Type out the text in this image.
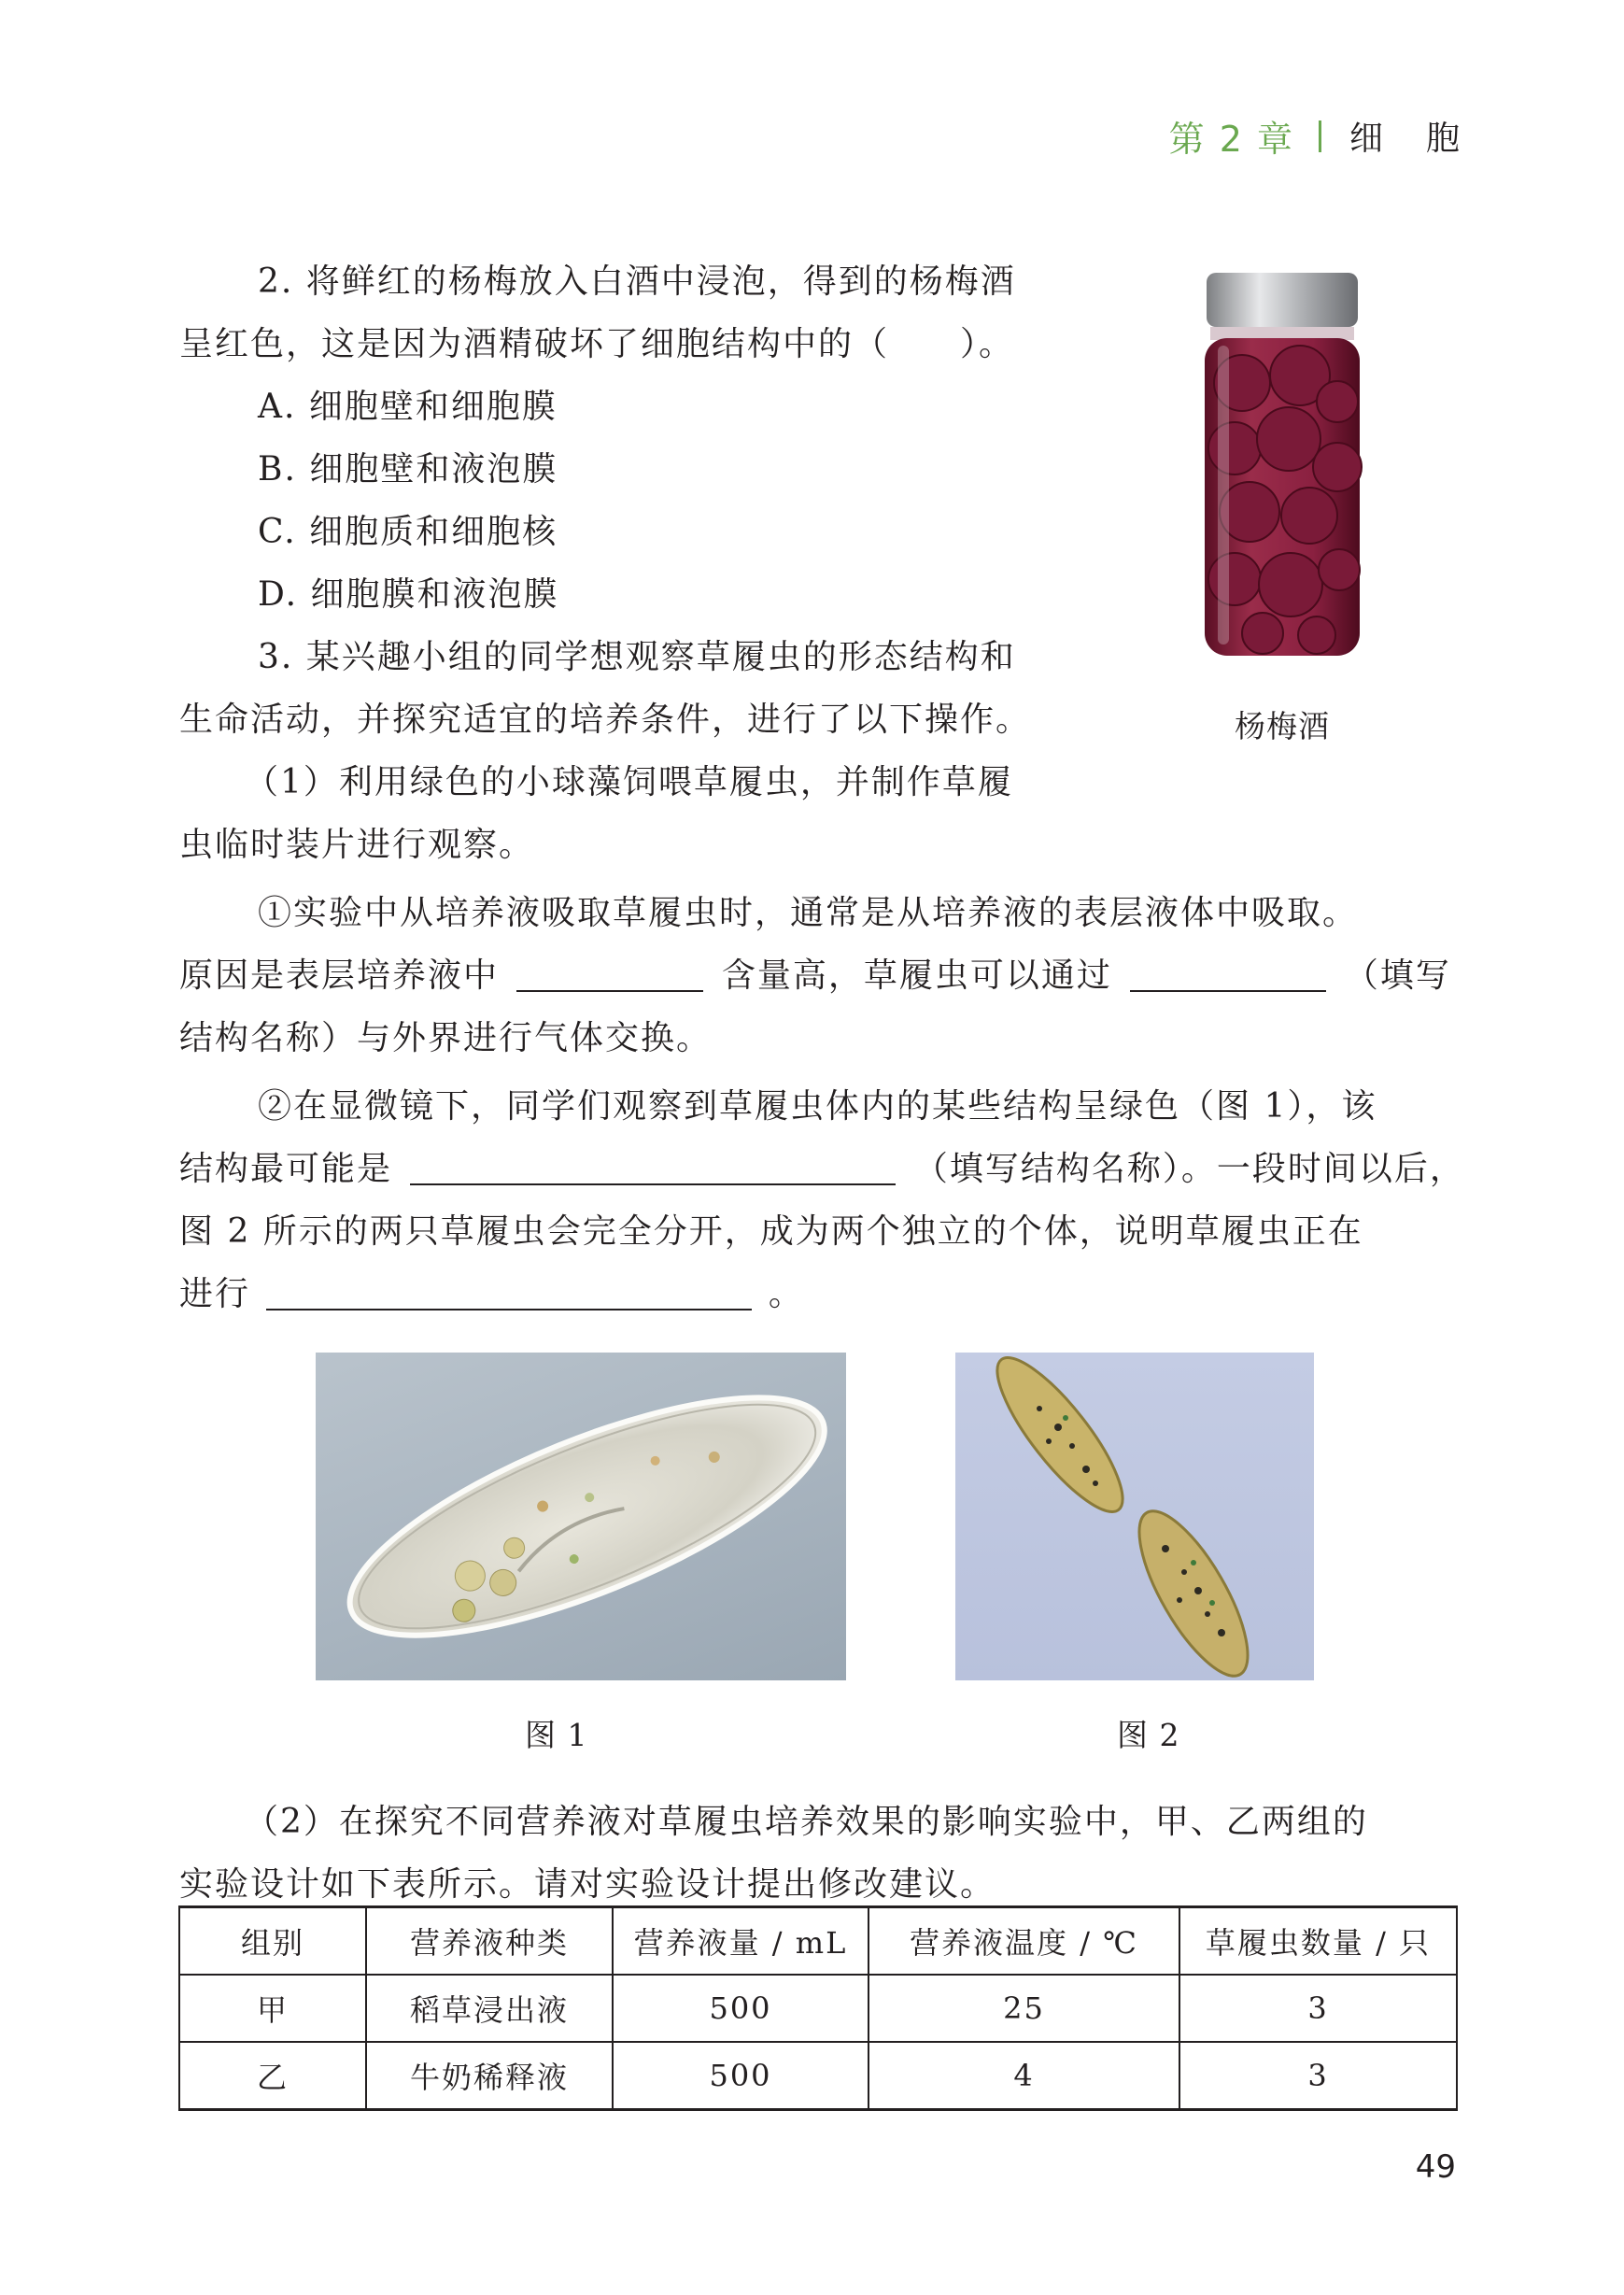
第 2 章 细胞
2. 将鲜红的杨梅放入白酒中浸泡，得到的杨梅酒
呈红色，这是因为酒精破坏了细胞结构中的（　　）。
A. 细胞壁和细胞膜
B. 细胞壁和液泡膜
C. 细胞质和细胞核
D. 细胞膜和液泡膜
杨梅酒
3. 某兴趣小组的同学想观察草履虫的形态结构和
生命活动，并探究适宜的培养条件，进行了以下操作。
（1）利用绿色的小球藻饲喂草履虫，并制作草履
虫临时装片进行观察。
①实验中从培养液吸取草履虫时，通常是从培养液的表层液体中吸取。
原因是表层培养液中	含量高，草履虫可以通过	（填写
结构名称）与外界进行气体交换。
②在显微镜下，同学们观察到草履虫体内的某些结构呈绿色（图 1），该
结构最可能是	（填写结构名称）。一段时间以后，
图 2 所示的两只草履虫会完全分开，成为两个独立的个体，说明草履虫正在
进行	。
图 1	图 2
（2）在探究不同营养液对草履虫培养效果的影响实验中，甲、乙两组的
实验设计如下表所示。请对实验设计提出修改建议。
组别	营养液种类	营养液量 / mL	营养液温度 / ℃	草履虫数量 / 只
甲	稻草浸出液	500	25	3
乙	牛奶稀释液	500	4	3
49
